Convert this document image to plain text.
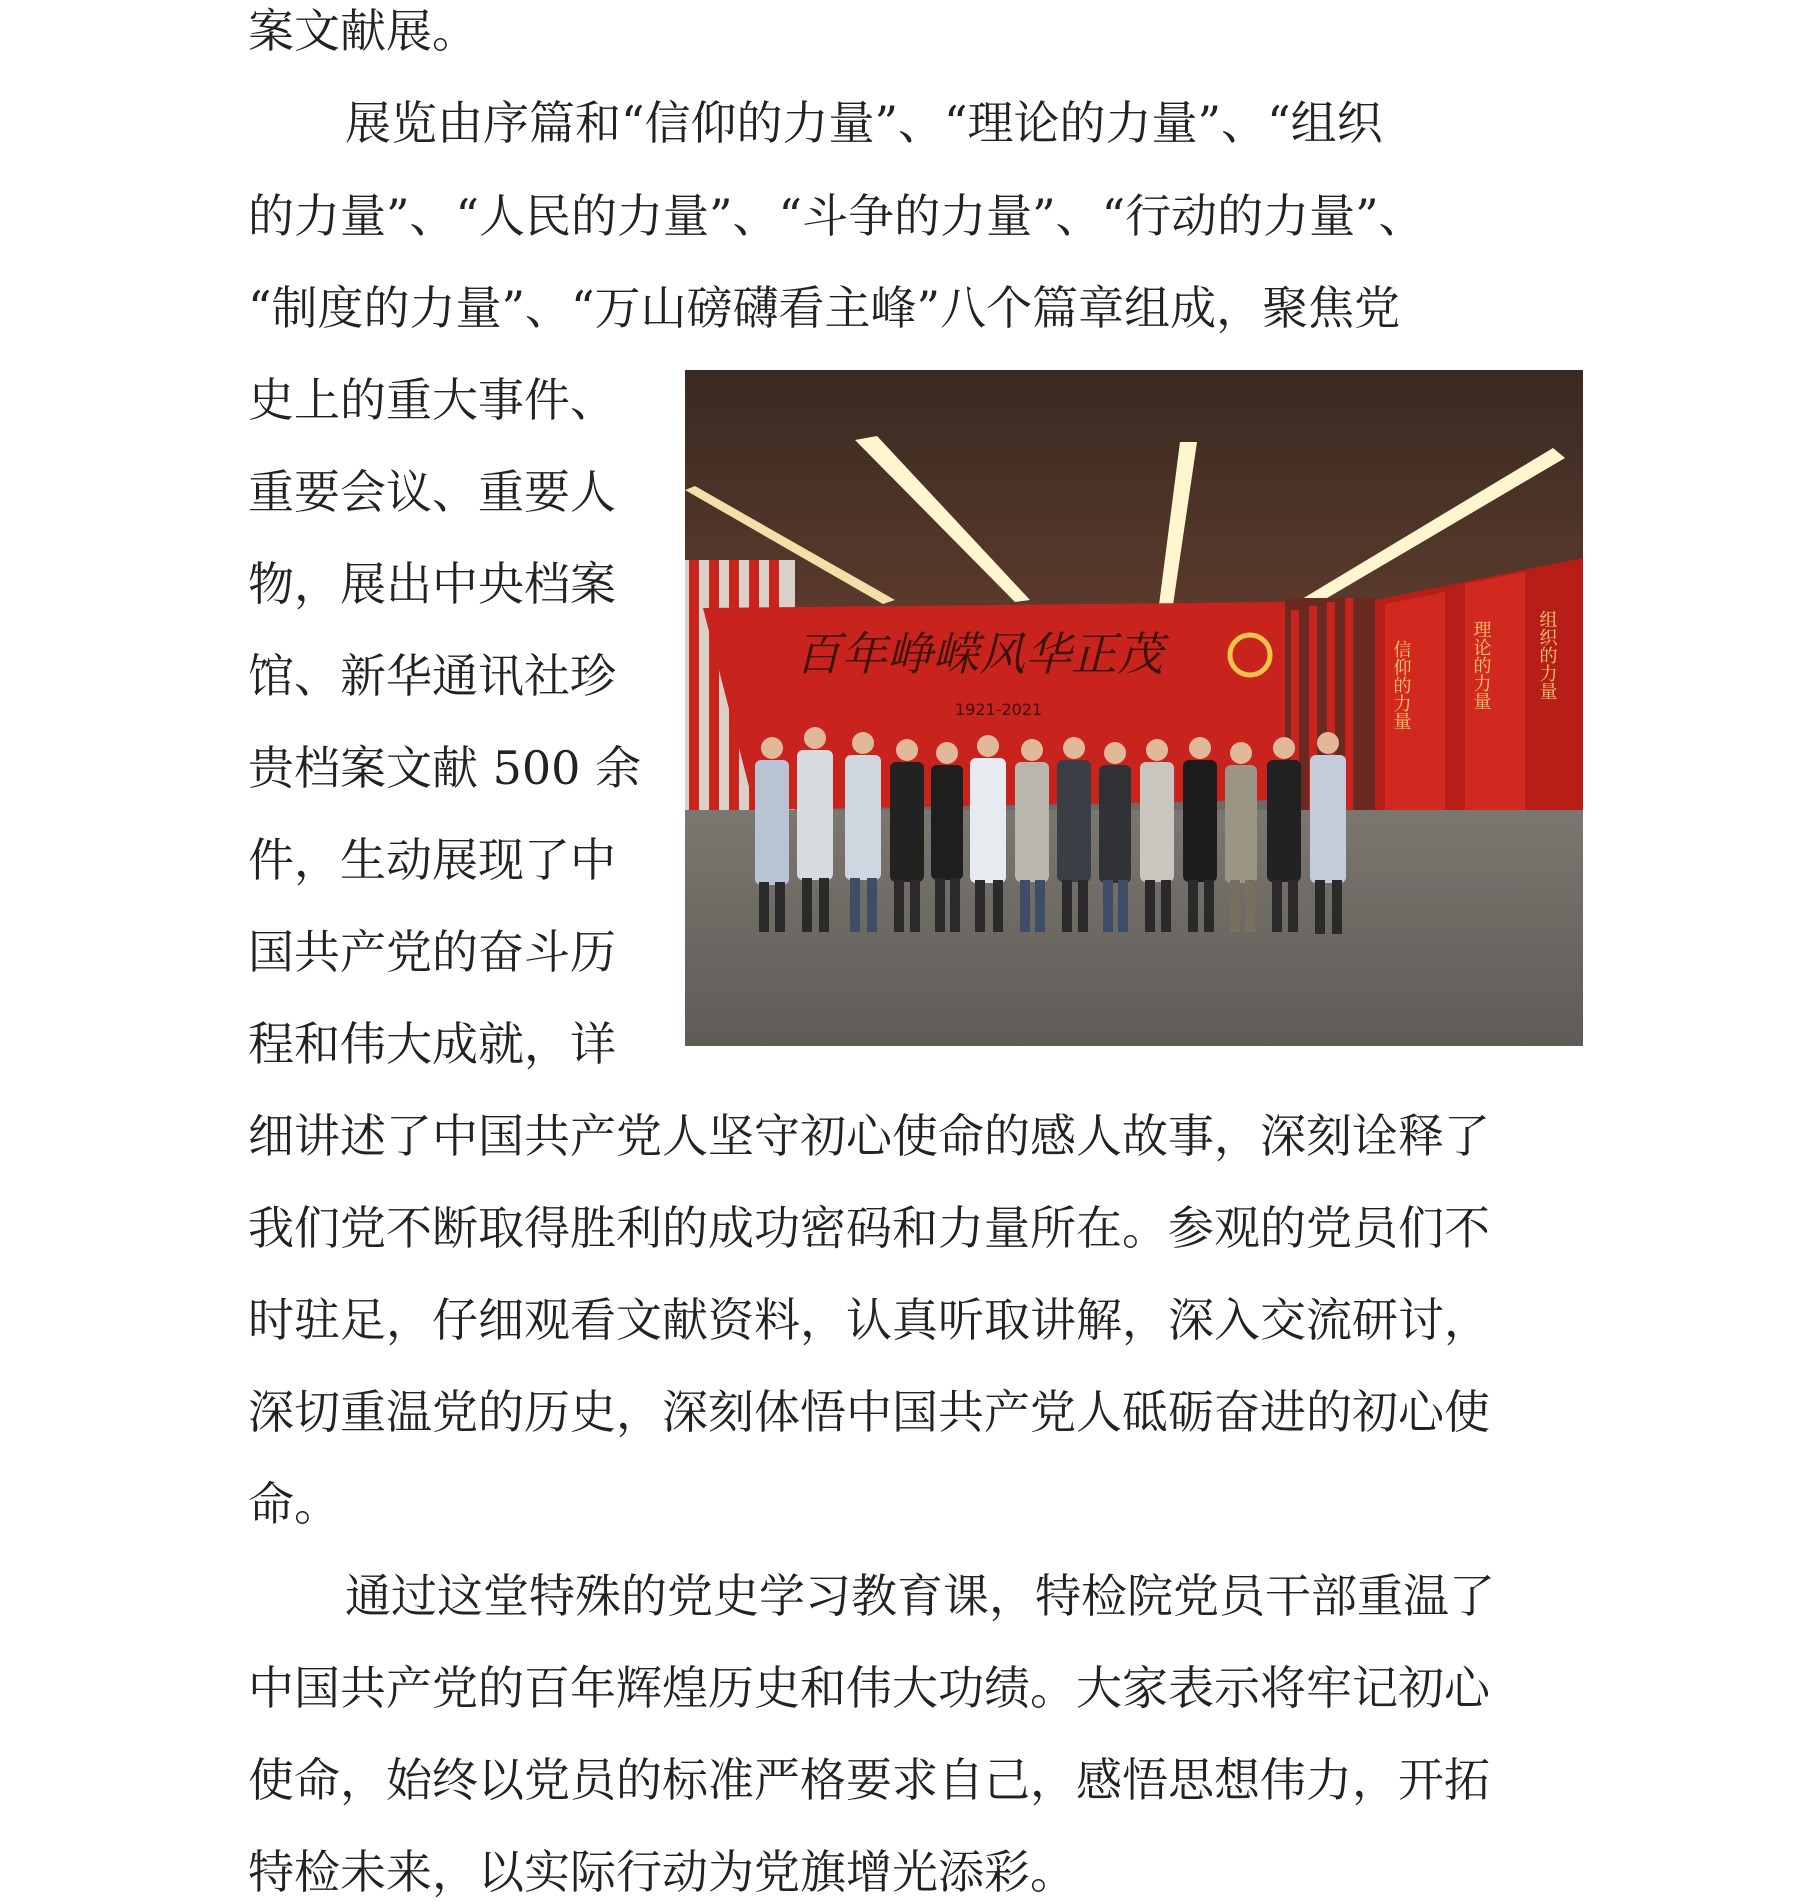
案文献展。
展览由序篇和“信仰的力量”、“理论的力量”、“组织
的力量”、“人民的力量”、“斗争的力量”、“行动的力量”、
“制度的力量”、“万山磅礴看主峰”八个篇章组成，聚焦党
史上的重大事件、
重要会议、重要人
物，展出中央档案
馆、新华通讯社珍
贵档案文献 500 余
件，生动展现了中
国共产党的奋斗历
程和伟大成就，详
细讲述了中国共产党人坚守初心使命的感人故事，深刻诠释了
我们党不断取得胜利的成功密码和力量所在。参观的党员们不
时驻足，仔细观看文献资料，认真听取讲解，深入交流研讨，
深切重温党的历史，深刻体悟中国共产党人砥砺奋进的初心使
命。
通过这堂特殊的党史学习教育课，特检院党员干部重温了
中国共产党的百年辉煌历史和伟大功绩。大家表示将牢记初心
使命，始终以党员的标准严格要求自己，感悟思想伟力，开拓
特检未来，以实际行动为党旗增光添彩。
信仰的力量	理论的力量	组织的力量
百年峥嵘风华正茂
1921-2021
